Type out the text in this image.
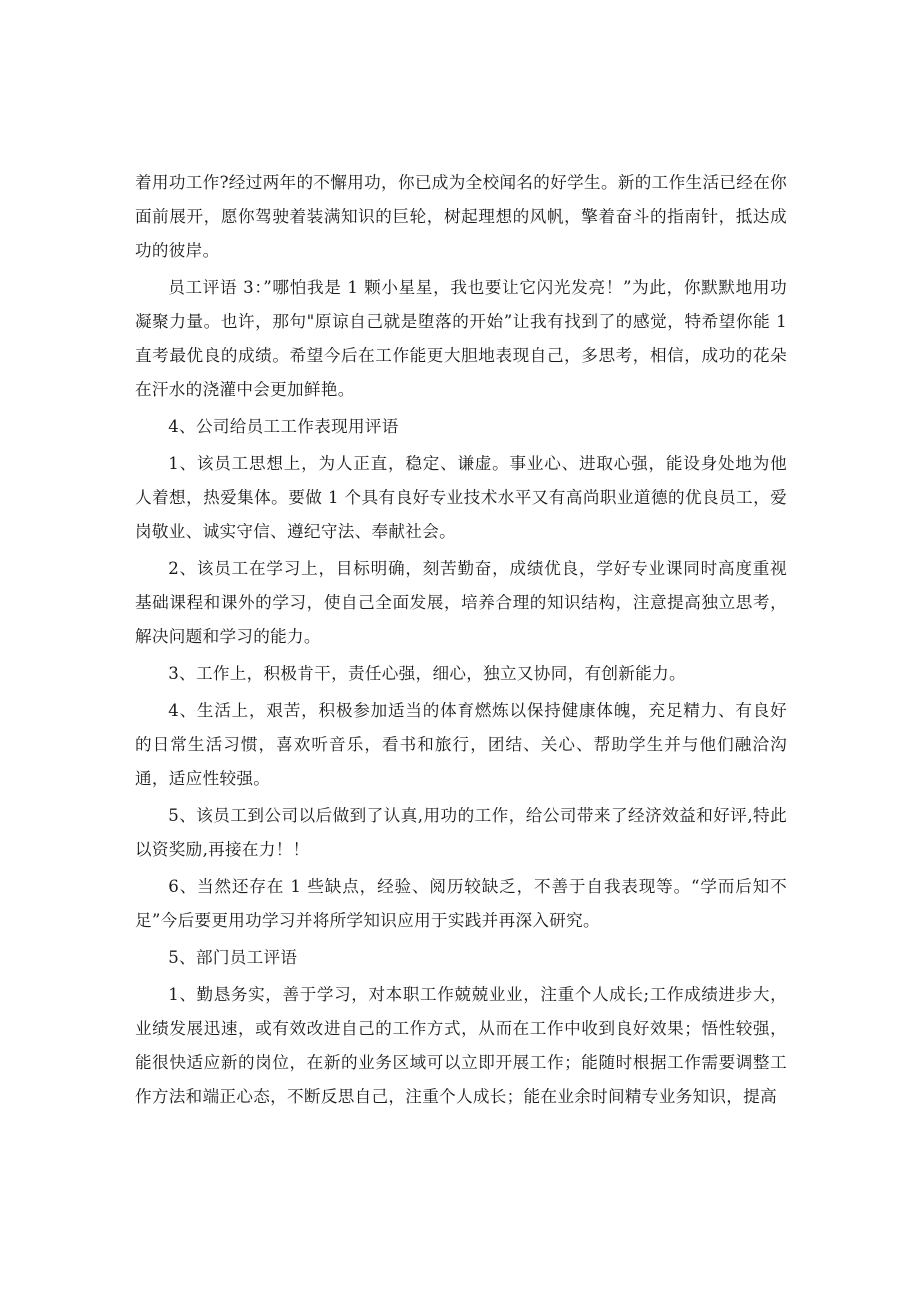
着用功工作?经过两年的不懈用功，你已成为全校闻名的好学生。新的工作生活已经在你面前展开，愿你驾驶着装满知识的巨轮，树起理想的风帆，擎着奋斗的指南针，抵达成功的彼岸。

员工评语 3：”哪怕我是 1 颗小星星，我也要让它闪光发亮！”为此，你默默地用功凝聚力量。也许，那句"原谅自己就是堕落的开始”让我有找到了的感觉，特希望你能 1 直考最优良的成绩。希望今后在工作能更大胆地表现自己，多思考，相信，成功的花朵在汗水的浇灌中会更加鲜艳。

4、公司给员工工作表现用评语

1、该员工思想上，为人正直，稳定、谦虚。事业心、进取心强，能设身处地为他人着想，热爱集体。要做 1 个具有良好专业技术水平又有高尚职业道德的优良员工，爱岗敬业、诚实守信、遵纪守法、奉献社会。

2、该员工在学习上，目标明确，刻苦勤奋，成绩优良，学好专业课同时高度重视基础课程和课外的学习，使自己全面发展，培养合理的知识结构，注意提高独立思考，解决问题和学习的能力。

3、工作上，积极肯干，责任心强，细心，独立又协同，有创新能力。

4、生活上，艰苦，积极参加适当的体育燃炼以保持健康体魄，充足精力、有良好的日常生活习惯，喜欢听音乐，看书和旅行，团结、关心、帮助学生并与他们融洽沟通，适应性较强。

5、该员工到公司以后做到了认真,用功的工作，给公司带来了经济效益和好评,特此以资奖励,再接在力！！

6、当然还存在 1 些缺点，经验、阅历较缺乏，不善于自我表现等。“学而后知不足”今后要更用功学习并将所学知识应用于实践并再深入研究。

5、部门员工评语

1、勤恳务实，善于学习，对本职工作兢兢业业，注重个人成长;工作成绩进步大，业绩发展迅速，或有效改进自己的工作方式，从而在工作中收到良好效果；悟性较强，能很快适应新的岗位，在新的业务区域可以立即开展工作；能随时根据工作需要调整工作方法和端正心态，不断反思自己，注重个人成长；能在业余时间精专业务知识，提高
